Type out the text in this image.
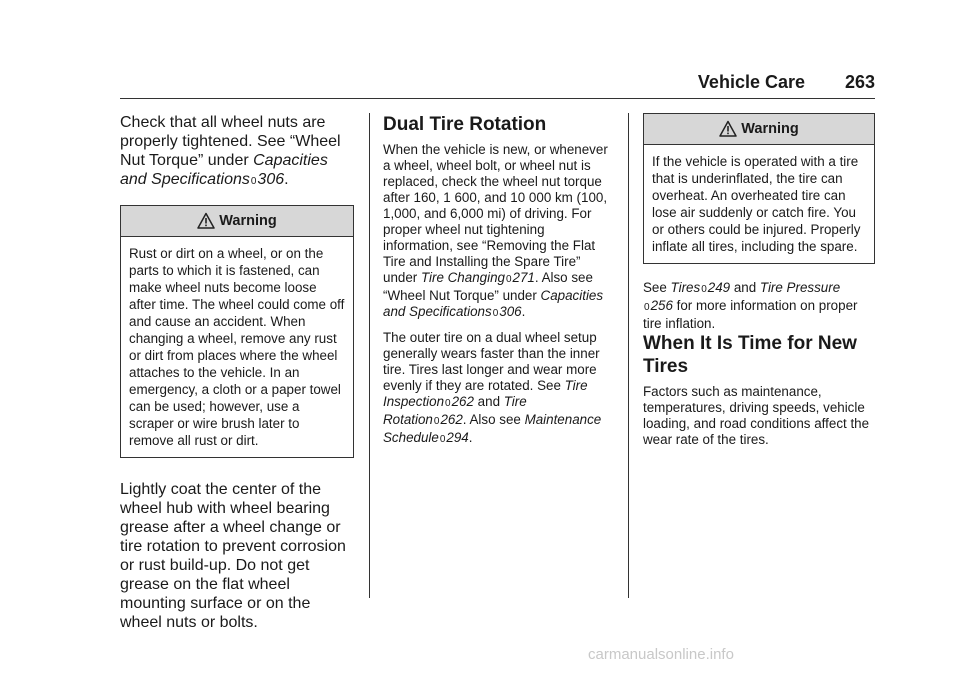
Vehicle Care 263

Check that all wheel nuts are properly tightened. See “Wheel Nut Torque” under Capacities and Specifications0306.

Warning
Rust or dirt on a wheel, or on the parts to which it is fastened, can make wheel nuts become loose after time. The wheel could come off and cause an accident. When changing a wheel, remove any rust or dirt from places where the wheel attaches to the vehicle. In an emergency, a cloth or a paper towel can be used; however, use a scraper or wire brush later to remove all rust or dirt.

Lightly coat the center of the wheel hub with wheel bearing grease after a wheel change or tire rotation to prevent corrosion or rust build-up. Do not get grease on the flat wheel mounting surface or on the wheel nuts or bolts.

Dual Tire Rotation

When the vehicle is new, or whenever a wheel, wheel bolt, or wheel nut is replaced, check the wheel nut torque after 160, 1 600, and 10 000 km (100, 1,000, and 6,000 mi) of driving. For proper wheel nut tightening information, see “Removing the Flat Tire and Installing the Spare Tire” under Tire Changing0271. Also see “Wheel Nut Torque” under Capacities and Specifications0306.

The outer tire on a dual wheel setup generally wears faster than the inner tire. Tires last longer and wear more evenly if they are rotated. See Tire Inspection0262 and Tire Rotation0262. Also see Maintenance Schedule0294.

Warning
If the vehicle is operated with a tire that is underinflated, the tire can overheat. An overheated tire can lose air suddenly or catch fire. You or others could be injured. Properly inflate all tires, including the spare.

See Tires0249 and Tire Pressure
0256 for more information on proper tire inflation.

When It Is Time for New Tires

Factors such as maintenance, temperatures, driving speeds, vehicle loading, and road conditions affect the wear rate of the tires.

carmanualsonline.info
